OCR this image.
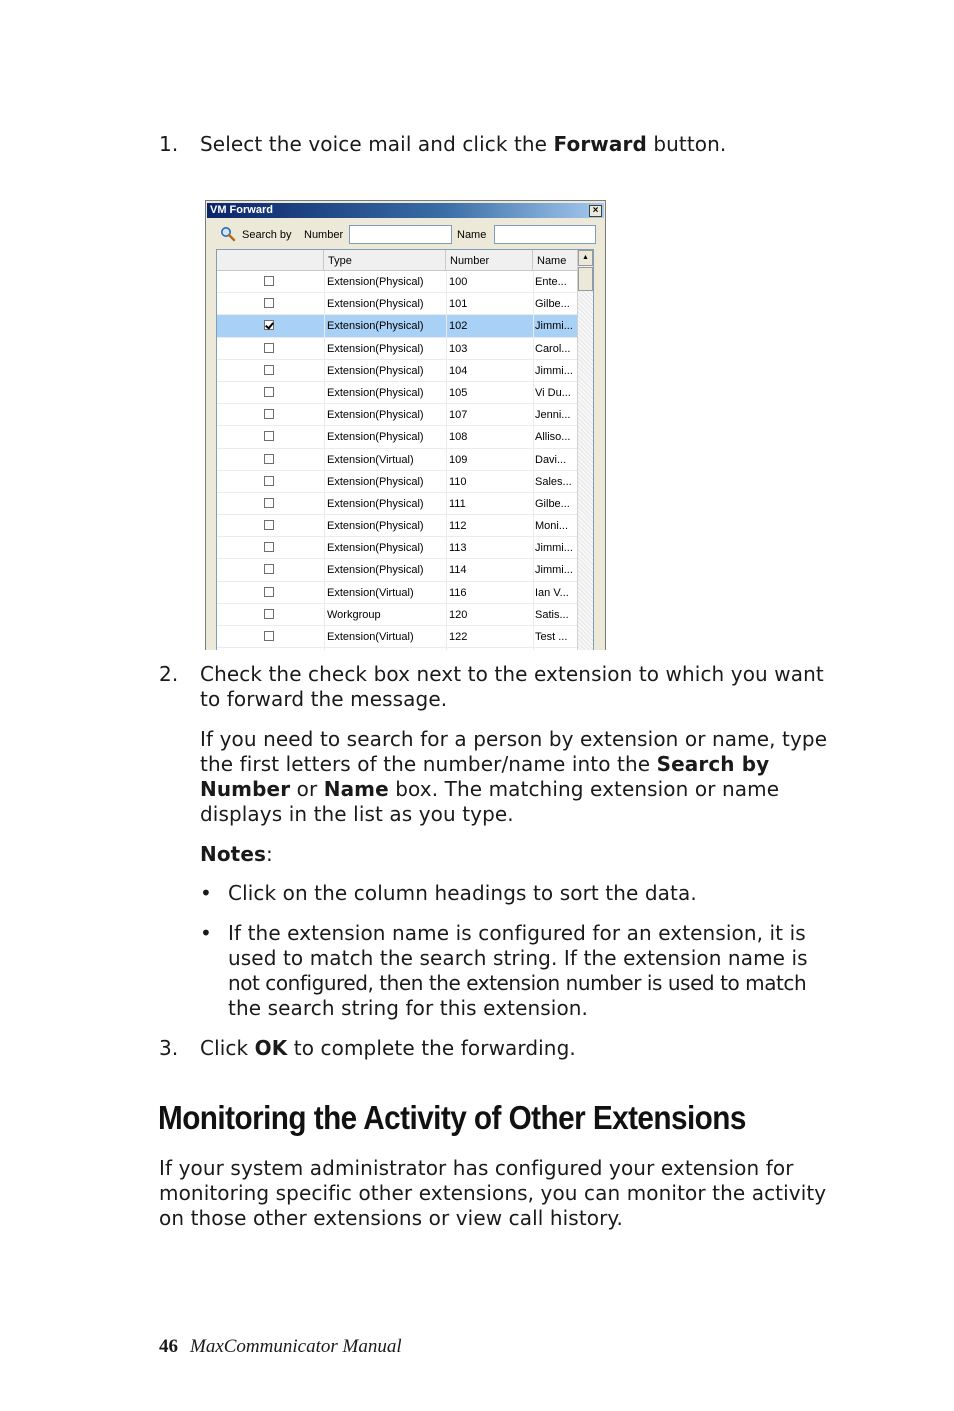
1.	Select the voice mail and click the Forward button.
VM Forward	×
Search by Number	Name
Type	Number	Name
Extension(Physical)	100	Ente...
Extension(Physical)	101	Gilbe...
Extension(Physical)	102	Jimmi...
Extension(Physical)	103	Carol...
Extension(Physical)	104	Jimmi...
Extension(Physical)	105	Vi Du...
Extension(Physical)	107	Jenni...
Extension(Physical)	108	Alliso...
Extension(Virtual)	109	Davi...
Extension(Physical)	110	Sales...
Extension(Physical)	111	Gilbe...
Extension(Physical)	112	Moni...
Extension(Physical)	113	Jimmi...
Extension(Physical)	114	Jimmi...
Extension(Virtual)	116	Ian V...
Workgroup	120	Satis...
Extension(Virtual)	122	Test ...
▲
2.	Check the check box next to the extension to which you want
to forward the message.
If you need to search for a person by extension or name, type
the first letters of the number/name into the Search by
Number or Name box. The matching extension or name
displays in the list as you type.
Notes:
• Click on the column headings to sort the data.
• If the extension name is configured for an extension, it is
used to match the search string. If the extension name is
not configured, then the extension number is used to match
the search string for this extension.
3.	Click OK to complete the forwarding.
Monitoring the Activity of Other Extensions
If your system administrator has configured your extension for
monitoring specific other extensions, you can monitor the activity
on those other extensions or view call history.
46 MaxCommunicator Manual
